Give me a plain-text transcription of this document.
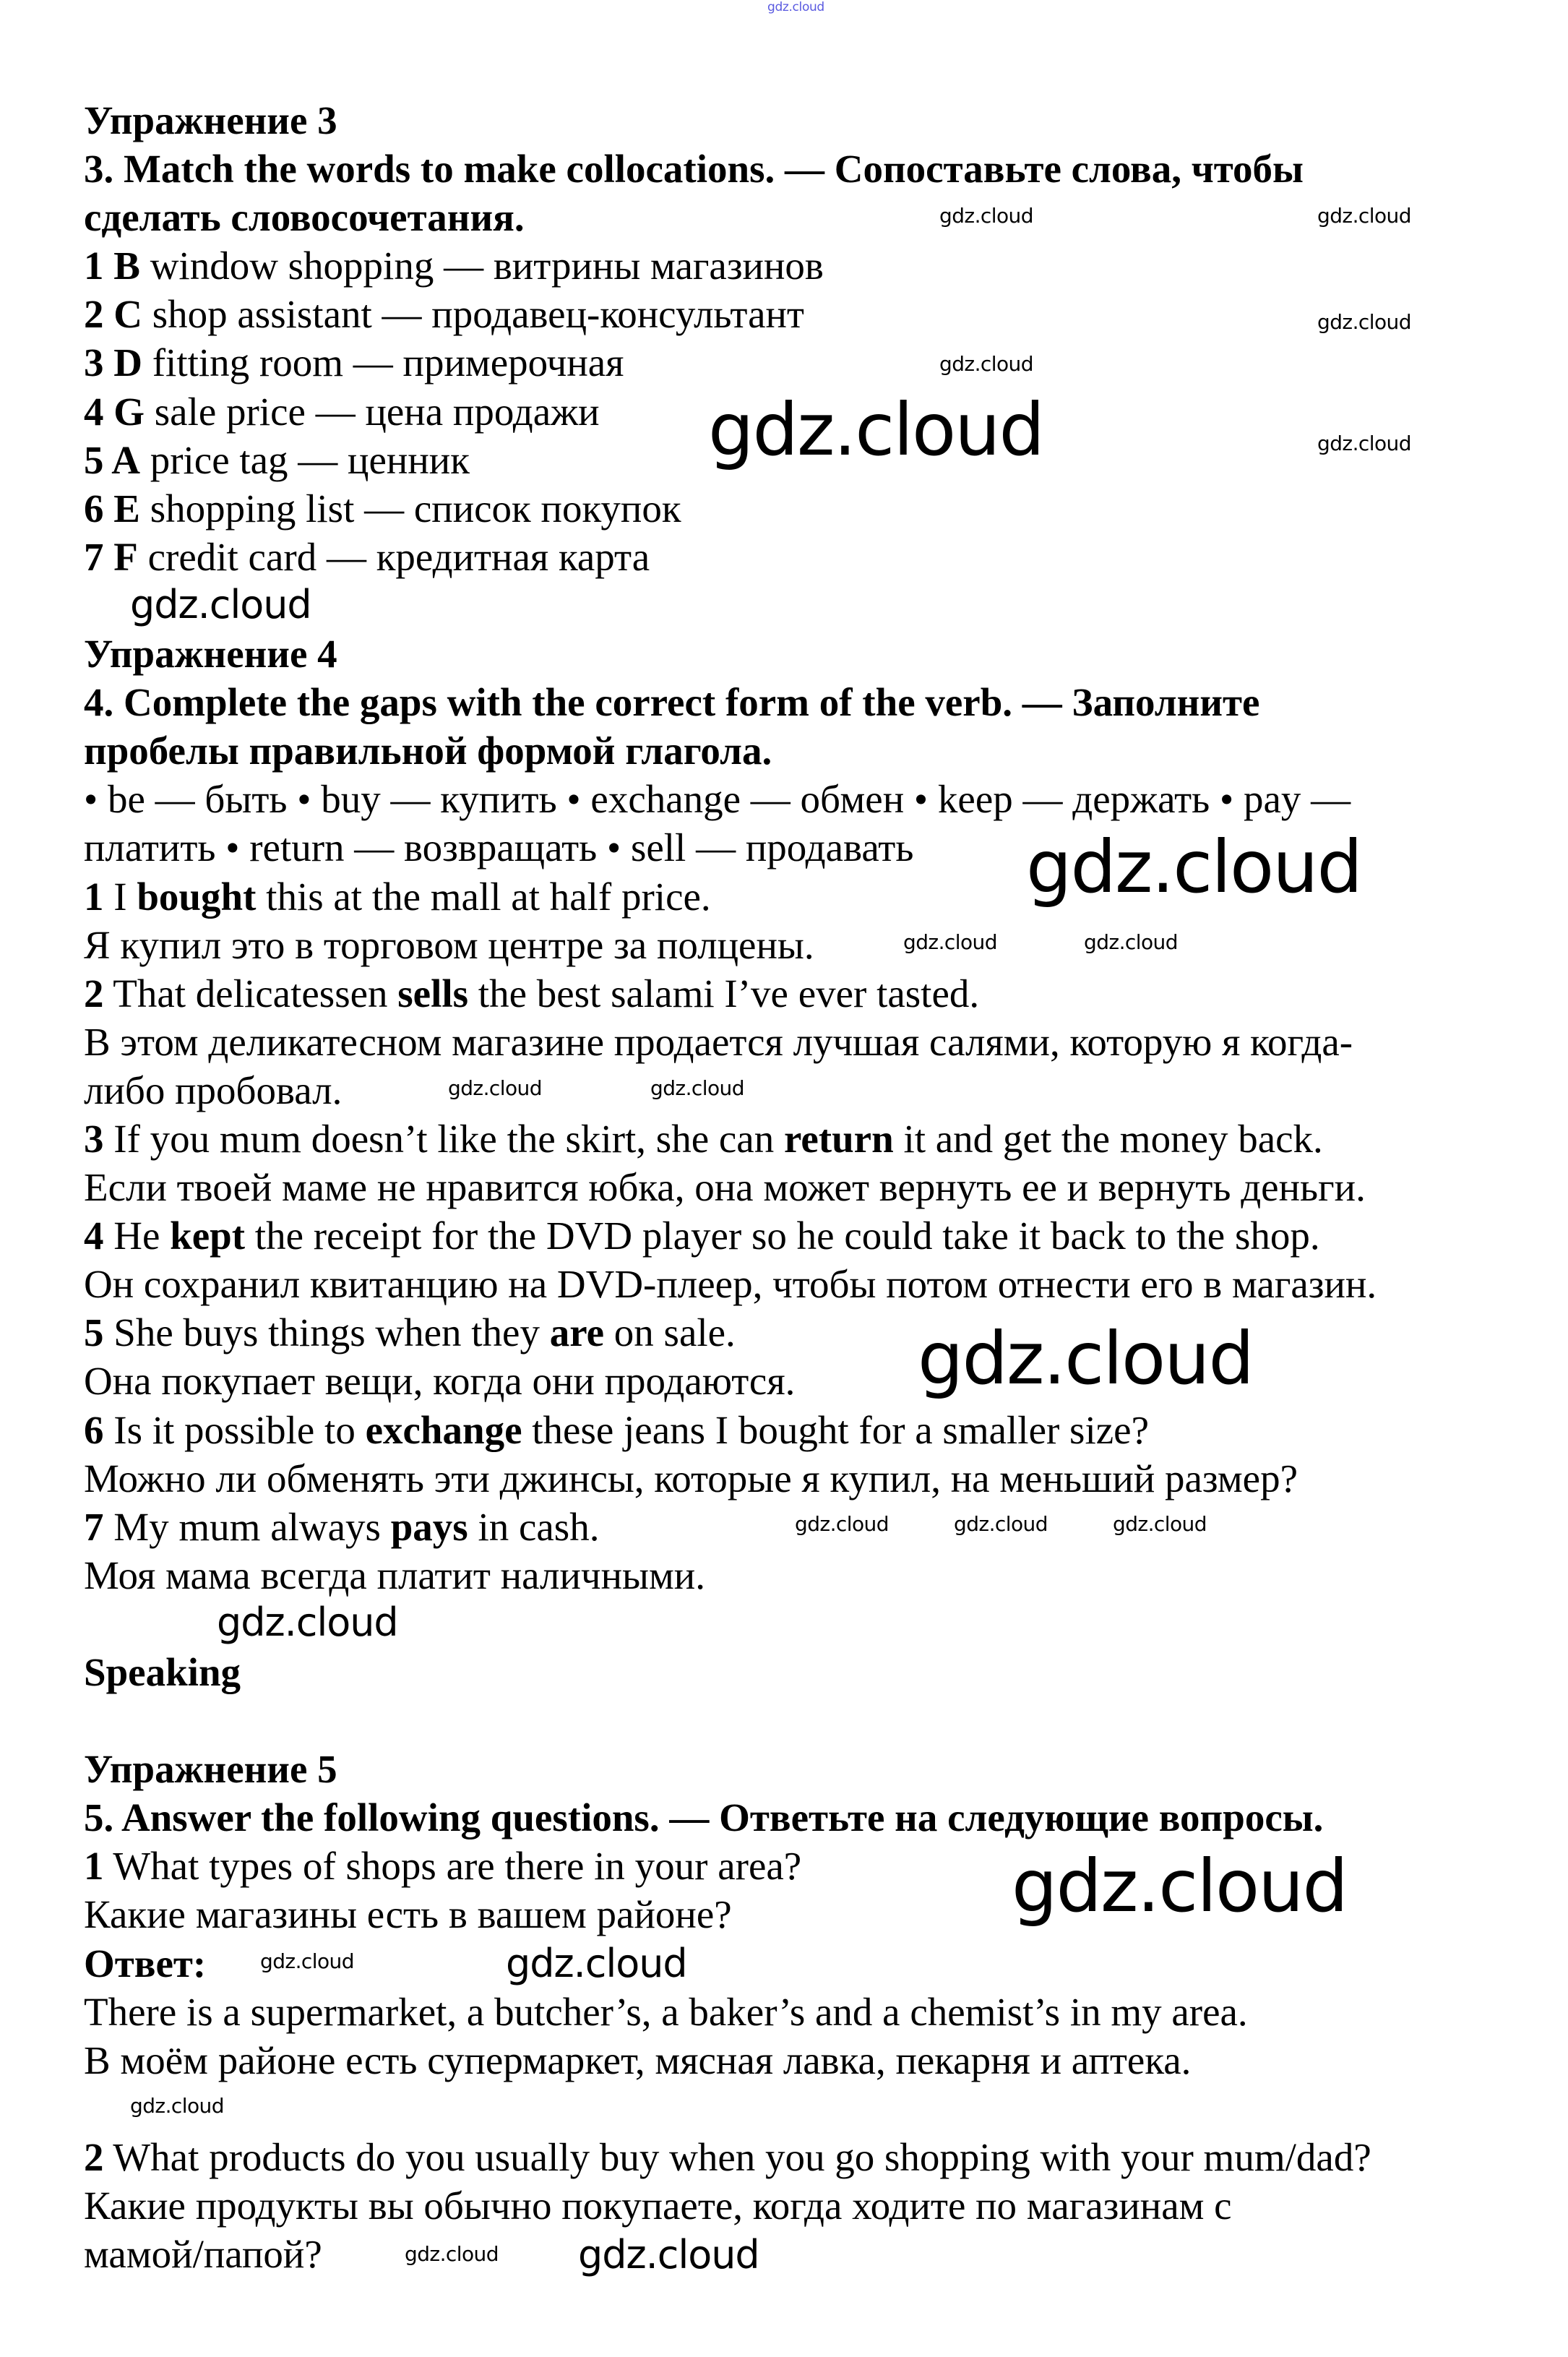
Упражнение 3
3. Match the words to make collocations. — Сопоставьте слова, чтобы
сделать словосочетания.
1 B window shopping — витрины магазинов
2 C shop assistant — продавец-консультант
3 D fitting room — примерочная
4 G sale price — цена продажи
5 A price tag — ценник
6 E shopping list — список покупок
7 F credit card — кредитная карта
Упражнение 4
4. Complete the gaps with the correct form of the verb. — Заполните
пробелы правильной формой глагола.
• be — быть • buy — купить • exchange — обмен • keep — держать • pay —
платить • return — возвращать • sell — продавать
1 I bought this at the mall at half price.
Я купил это в торговом центре за полцены.
2 That delicatessen sells the best salami I’ve ever tasted.
В этом деликатесном магазине продается лучшая салями, которую я когда-
либо пробовал.
3 If you mum doesn’t like the skirt, she can return it and get the money back.
Если твоей маме не нравится юбка, она может вернуть ее и вернуть деньги.
4 He kept the receipt for the DVD player so he could take it back to the shop.
Он сохранил квитанцию на DVD-плеер, чтобы потом отнести его в магазин.
5 She buys things when they are on sale.
Она покупает вещи, когда они продаются.
6 Is it possible to exchange these jeans I bought for a smaller size?
Можно ли обменять эти джинсы, которые я купил, на меньший размер?
7 My mum always pays in cash.
Моя мама всегда платит наличными.
Speaking
Упражнение 5
5. Answer the following questions. — Ответьте на следующие вопросы.
1 What types of shops are there in your area?
Какие магазины есть в вашем районе?
Ответ:
There is a supermarket, a butcher’s, a baker’s and a chemist’s in my area.
В моём районе есть супермаркет, мясная лавка, пекарня и аптека.
2 What products do you usually buy when you go shopping with your mum/dad?
Какие продукты вы обычно покупаете, когда ходите по магазинам с
мамой/папой?
gdz.cloud
gdz.cloud	gdz.cloud
gdz.cloud
gdz.cloud
gdz.cloud
gdz.cloud
gdz.cloud
gdz.cloud
gdz.cloud	gdz.cloud
gdz.cloud	gdz.cloud
gdz.cloud	gdz.cloud	gdz.cloud
gdz.cloud
gdz.cloud
gdz.cloud
gdz.cloud	gdz.cloud
gdz.cloud
gdz.cloud gdz.cloud
